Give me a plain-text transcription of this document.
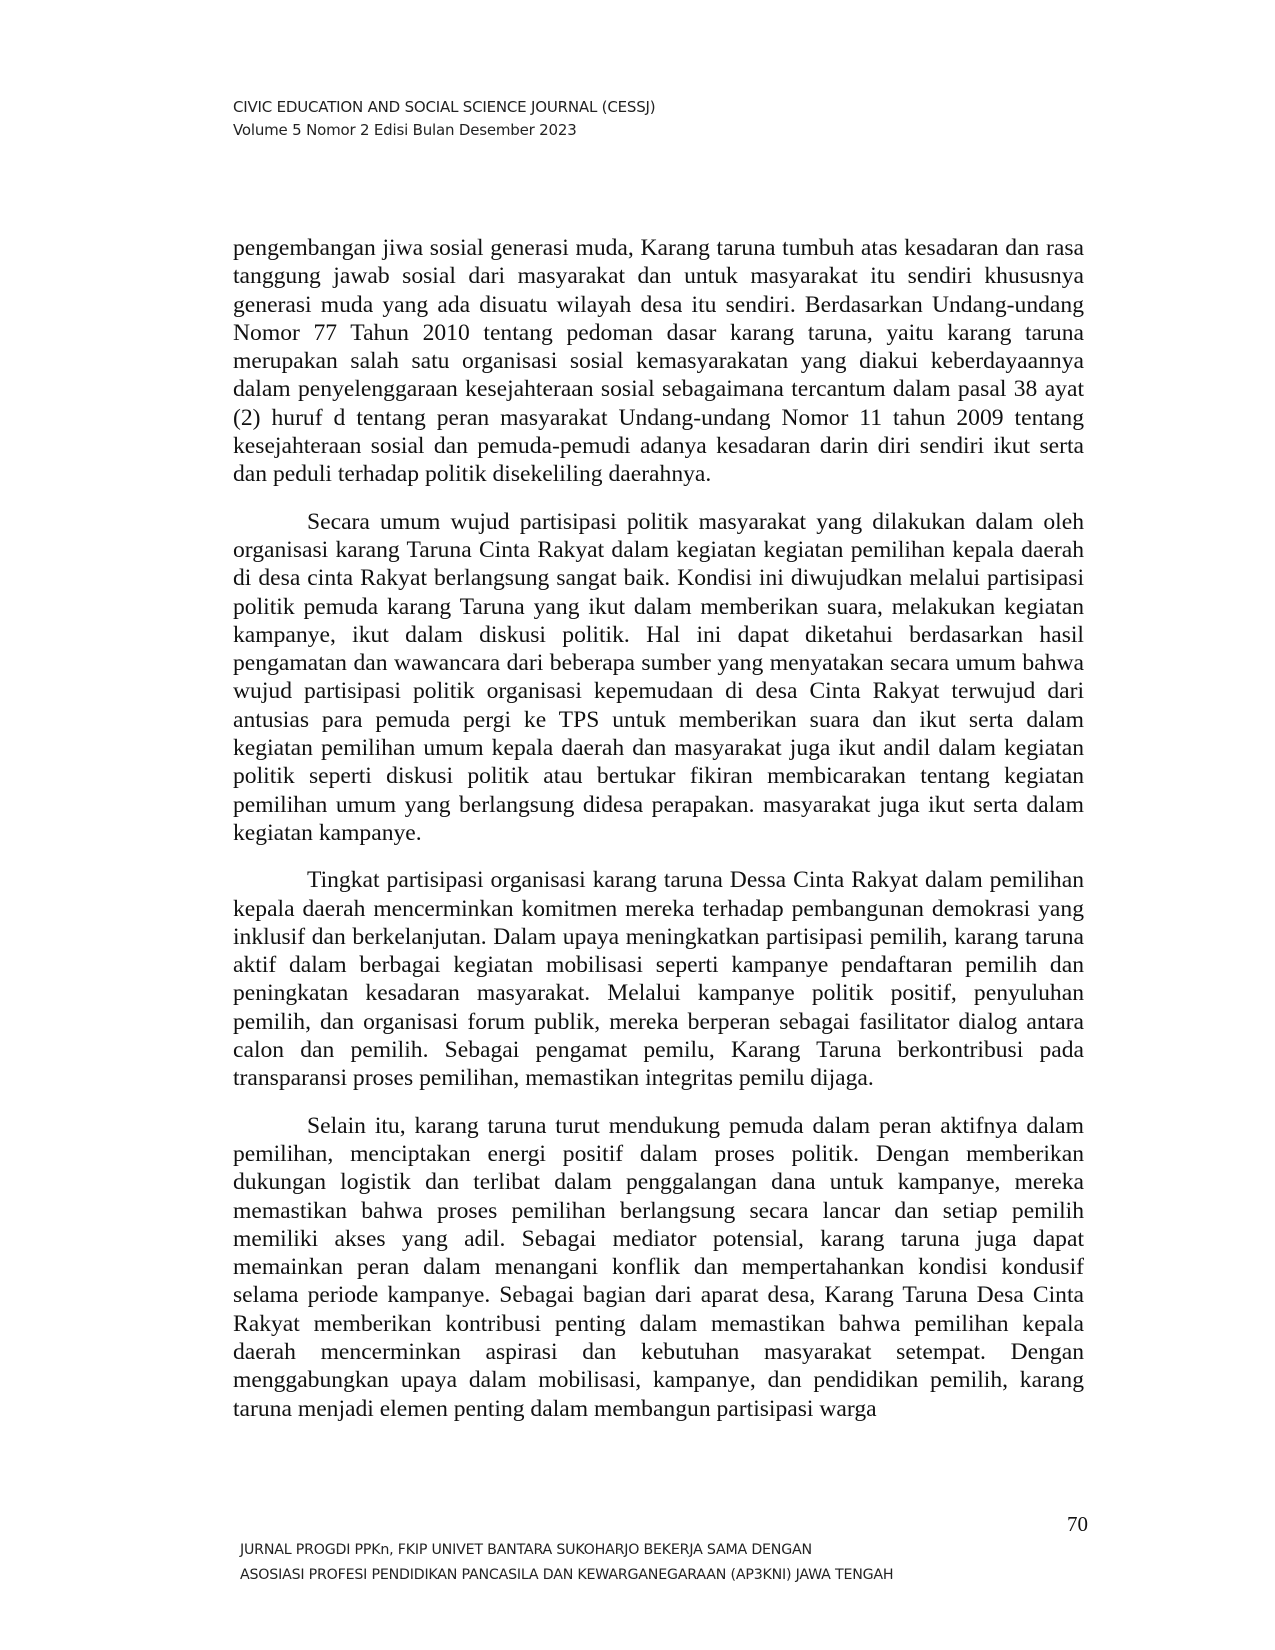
CIVIC EDUCATION AND SOCIAL SCIENCE JOURNAL (CESSJ)
Volume 5 Nomor 2 Edisi Bulan Desember 2023

pengembangan jiwa sosial generasi muda, Karang taruna tumbuh atas kesadaran dan rasa tanggung jawab sosial dari masyarakat dan untuk masyarakat itu sendiri khususnya generasi muda yang ada disuatu wilayah desa itu sendiri. Berdasarkan Undang-undang Nomor 77 Tahun 2010 tentang pedoman dasar karang taruna, yaitu karang taruna merupakan salah satu organisasi sosial kemasyarakatan yang diakui keberdayaannya dalam penyelenggaraan kesejahteraan sosial sebagaimana tercantum dalam pasal 38 ayat (2) huruf d tentang peran masyarakat Undang-undang Nomor 11 tahun 2009 tentang kesejahteraan sosial dan pemuda-pemudi adanya kesadaran darin diri sendiri ikut serta dan peduli terhadap politik disekeliling daerahnya.

Secara umum wujud partisipasi politik masyarakat yang dilakukan dalam oleh organisasi karang Taruna Cinta Rakyat dalam kegiatan kegiatan pemilihan kepala daerah di desa cinta Rakyat berlangsung sangat baik. Kondisi ini diwujudkan melalui partisipasi politik pemuda karang Taruna yang ikut dalam memberikan suara, melakukan kegiatan kampanye, ikut dalam diskusi politik. Hal ini dapat diketahui berdasarkan hasil pengamatan dan wawancara dari beberapa sumber yang menyatakan secara umum bahwa wujud partisipasi politik organisasi kepemudaan di desa Cinta Rakyat terwujud dari antusias para pemuda pergi ke TPS untuk memberikan suara dan ikut serta dalam kegiatan pemilihan umum kepala daerah dan masyarakat juga ikut andil dalam kegiatan politik seperti diskusi politik atau bertukar fikiran membicarakan tentang kegiatan pemilihan umum yang berlangsung didesa perapakan. masyarakat juga ikut serta dalam kegiatan kampanye.

Tingkat partisipasi organisasi karang taruna Dessa Cinta Rakyat dalam pemilihan kepala daerah mencerminkan komitmen mereka terhadap pembangunan demokrasi yang inklusif dan berkelanjutan. Dalam upaya meningkatkan partisipasi pemilih, karang taruna aktif dalam berbagai kegiatan mobilisasi seperti kampanye pendaftaran pemilih dan peningkatan kesadaran masyarakat. Melalui kampanye politik positif, penyuluhan pemilih, dan organisasi forum publik, mereka berperan sebagai fasilitator dialog antara calon dan pemilih. Sebagai pengamat pemilu, Karang Taruna berkontribusi pada transparansi proses pemilihan, memastikan integritas pemilu dijaga.

Selain itu, karang taruna turut mendukung pemuda dalam peran aktifnya dalam pemilihan, menciptakan energi positif dalam proses politik. Dengan memberikan dukungan logistik dan terlibat dalam penggalangan dana untuk kampanye, mereka memastikan bahwa proses pemilihan berlangsung secara lancar dan setiap pemilih memiliki akses yang adil. Sebagai mediator potensial, karang taruna juga dapat memainkan peran dalam menangani konflik dan mempertahankan kondisi kondusif selama periode kampanye. Sebagai bagian dari aparat desa, Karang Taruna Desa Cinta Rakyat memberikan kontribusi penting dalam memastikan bahwa pemilihan kepala daerah mencerminkan aspirasi dan kebutuhan masyarakat setempat. Dengan menggabungkan upaya dalam mobilisasi, kampanye, dan pendidikan pemilih, karang taruna menjadi elemen penting dalam membangun partisipasi warga

70
JURNAL PROGDI PPKn, FKIP UNIVET BANTARA SUKOHARJO BEKERJA SAMA DENGAN
ASOSIASI PROFESI PENDIDIKAN PANCASILA DAN KEWARGANEGARAAN (AP3KNI) JAWA TENGAH
